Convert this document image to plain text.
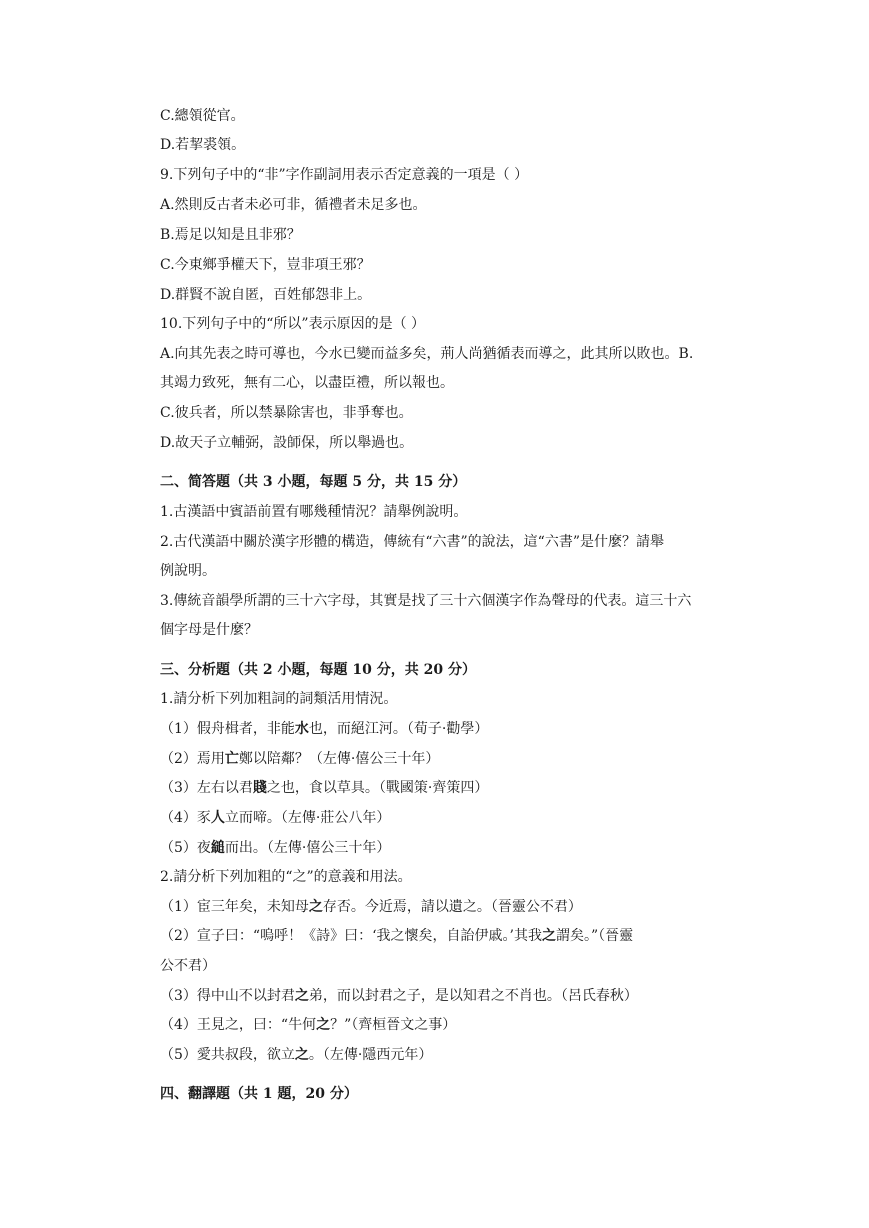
C.總領從官。
D.若挈裘領。
9.下列句子中的“非”字作副詞用表示否定意義的一項是（ ）
A.然則反古者未必可非，循禮者未足多也。
B.焉足以知是且非邪？
C.今東鄉爭權天下，豈非項王邪？
D.群賢不說自匿，百姓郁怨非上。
10.下列句子中的“所以”表示原因的是（ ）
A.向其先表之時可導也，今水已變而益多矣，荊人尚猶循表而導之，此其所以敗也。B.
其竭力致死，無有二心，以盡臣禮，所以報也。
C.彼兵者，所以禁暴除害也，非爭奪也。
D.故天子立輔弼，設師保，所以舉過也。
二、简答題（共 3 小題，每題 5 分，共 15 分）
1.古漢語中賓語前置有哪幾種情況？請舉例說明。
2.古代漢語中關於漢字形體的構造，傳統有“六書”的說法，這“六書”是什麼？請舉
例說明。
3.傳統音韻學所謂的三十六字母，其實是找了三十六個漢字作為聲母的代表。這三十六
個字母是什麼？
三、分析題（共 2 小題，每題 10 分，共 20 分）
1.請分析下列加粗詞的詞類活用情況。
（1）假舟楫者，非能水也，而絕江河。（荀子·勸學）
（2）焉用亡鄭以陪鄰？（左傳·僖公三十年）
（3）左右以君賤之也，食以草具。（戰國策·齊策四）
（4）豕人立而啼。（左傳·莊公八年）
（5）夜縋而出。（左傳·僖公三十年）
2.請分析下列加粗的“之”的意義和用法。
（1）宦三年矣，未知母之存否。今近焉，請以遺之。（晉靈公不君）
（2）宣子曰：“嗚呼！《詩》曰：‘我之懷矣，自詒伊戚。’其我之謂矣。”（晉靈
公不君）
（3）得中山不以封君之弟，而以封君之子，是以知君之不肖也。（呂氏春秋）
（4）王見之，曰：“牛何之？”（齊桓晉文之事）
（5）愛共叔段，欲立之。（左傳·隱西元年）
四、翻譯題（共 1 題，20 分）
